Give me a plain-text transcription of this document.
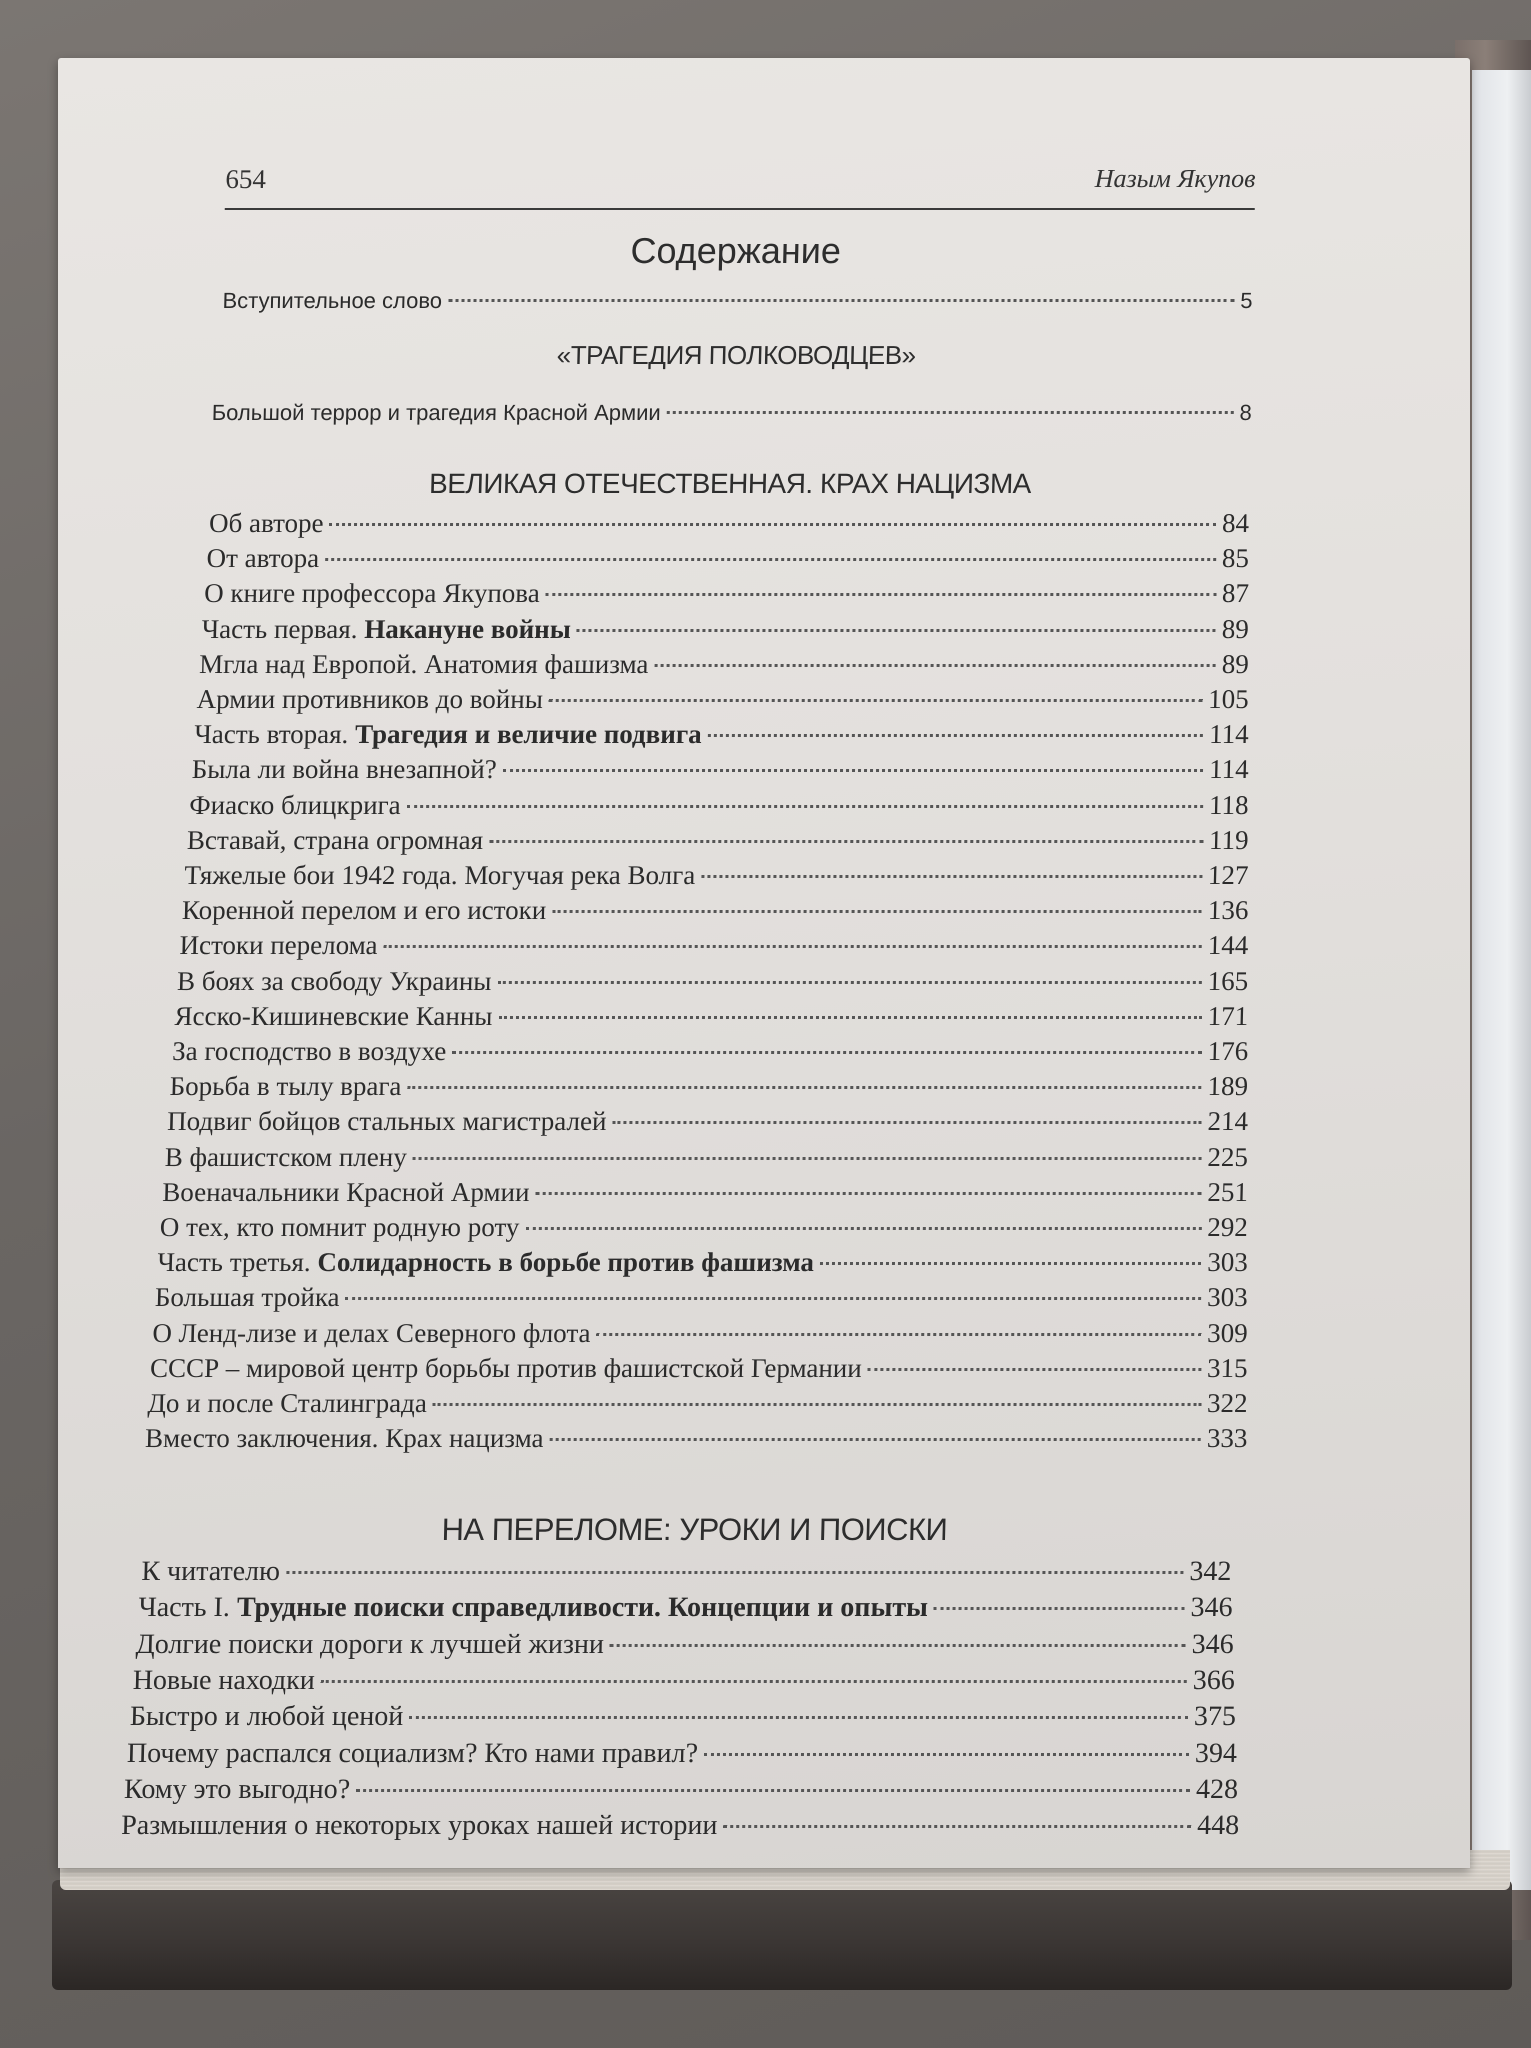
654	Назым Якупов
Содержание
Вступительное слово	5
«ТРАГЕДИЯ ПОЛКОВОДЦЕВ»
Большой террор и трагедия Красной Армии	8
ВЕЛИКАЯ ОТЕЧЕСТВЕННАЯ. КРАХ НАЦИЗМА
Об авторе	84
От автора	85
О книге профессора Якупова	87
Часть первая. Накануне войны	89
Мгла над Европой. Анатомия фашизма	89
Армии противников до войны	105
Часть вторая. Трагедия и величие подвига	114
Была ли война внезапной?	114
Фиаско блицкрига	118
Вставай, страна огромная	119
Тяжелые бои 1942 года. Могучая река Волга	127
Коренной перелом и его истоки	136
Истоки перелома	144
В боях за свободу Украины	165
Ясско-Кишиневские Канны	171
За господство в воздухе	176
Борьба в тылу врага	189
Подвиг бойцов стальных магистралей	214
В фашистском плену	225
Военачальники Красной Армии	251
О тех, кто помнит родную роту	292
Часть третья. Солидарность в борьбе против фашизма	303
Большая тройка	303
О Ленд-лизе и делах Северного флота	309
СССР – мировой центр борьбы против фашистской Германии	315
До и после Сталинграда	322
Вместо заключения. Крах нацизма	333
НА ПЕРЕЛОМЕ: УРОКИ И ПОИСКИ
К читателю	342
Часть I. Трудные поиски справедливости. Концепции и опыты	346
Долгие поиски дороги к лучшей жизни	346
Новые находки	366
Быстро и любой ценой	375
Почему распался социализм? Кто нами правил?	394
Кому это выгодно?	428
Размышления о некоторых уроках нашей истории	448
